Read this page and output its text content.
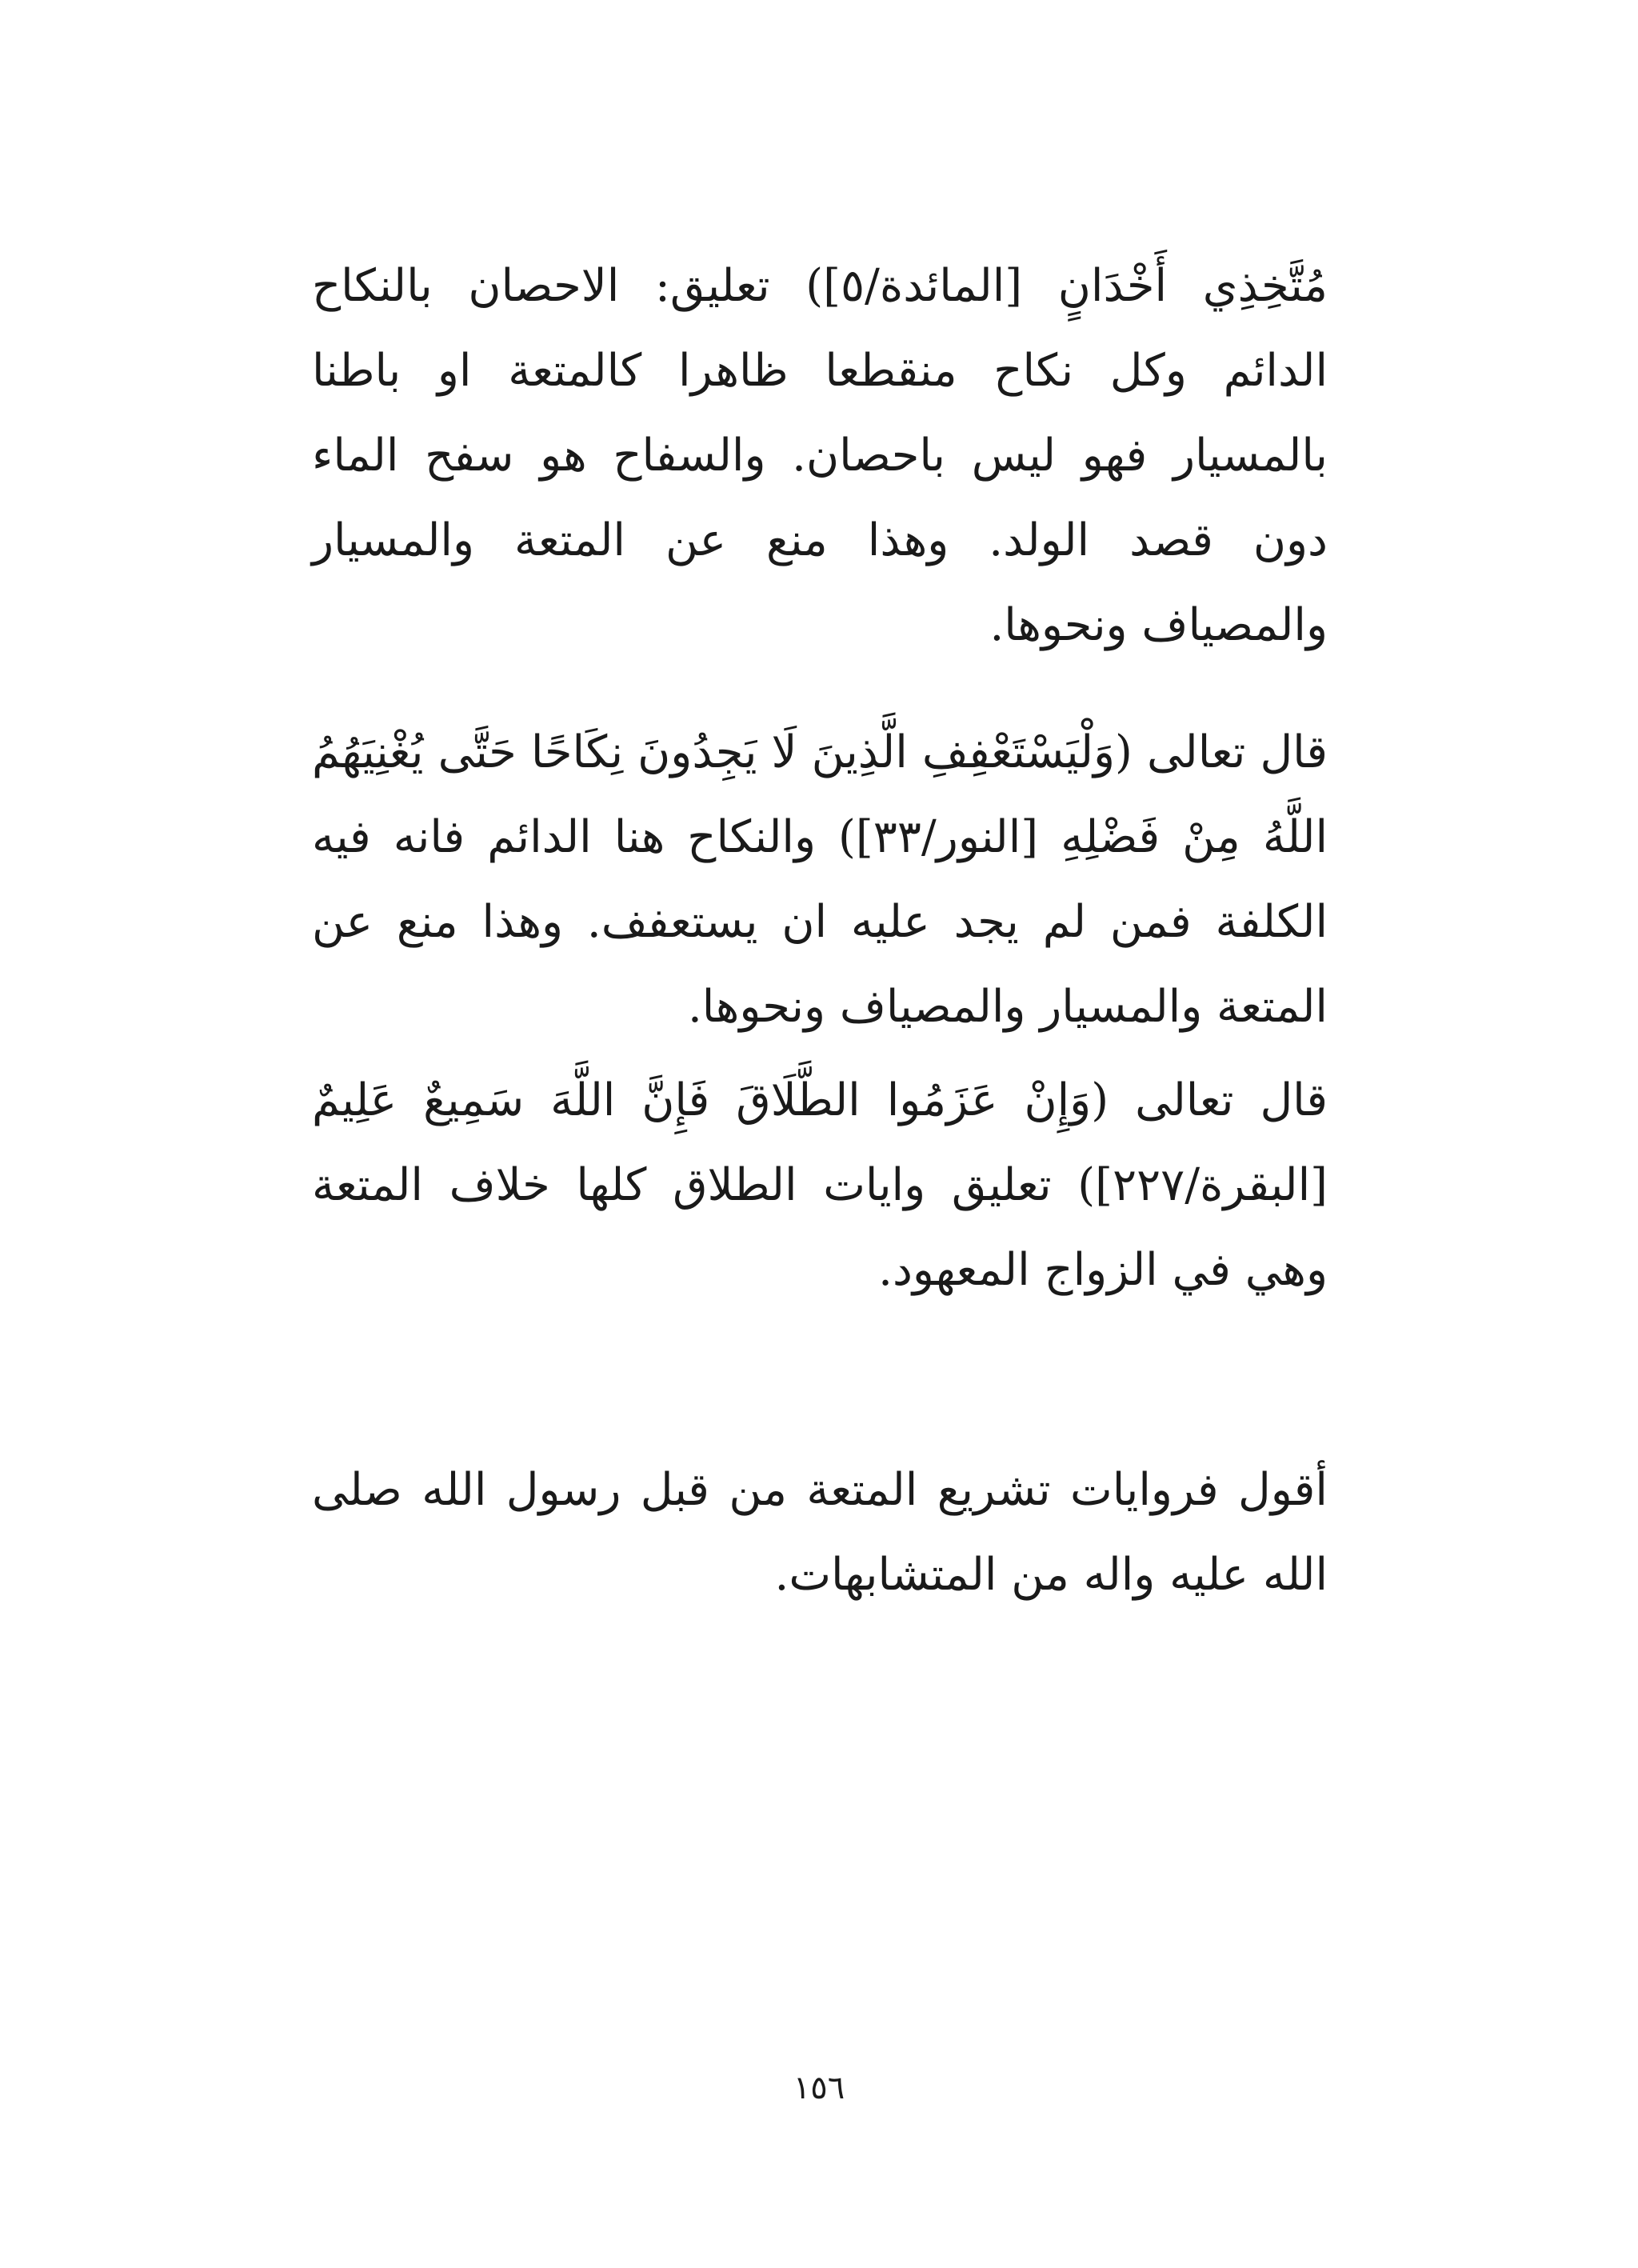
مُتَّخِذِي أَخْدَانٍ [المائدة/٥]) تعليق: الاحصان بالنكاح الدائم وكل نكاح منقطعا ظاهرا كالمتعة او باطنا بالمسيار فهو ليس باحصان. والسفاح هو سفح الماء دون قصد الولد. وهذا منع عن المتعة والمسيار والمصياف ونحوها.

قال تعالى (وَلْيَسْتَعْفِفِ الَّذِينَ لَا يَجِدُونَ نِكَاحًا حَتَّى يُغْنِيَهُمُ اللَّهُ مِنْ فَضْلِهِ [النور/٣٣]) والنكاح هنا الدائم فانه فيه الكلفة فمن لم يجد عليه ان يستعفف. وهذا منع عن المتعة والمسيار والمصياف ونحوها.

قال تعالى (وَإِنْ عَزَمُوا الطَّلَاقَ فَإِنَّ اللَّهَ سَمِيعٌ عَلِيمٌ [البقرة/٢٢٧]) تعليق وايات الطلاق كلها خلاف المتعة وهي في الزواج المعهود.

أقول فروايات تشريع المتعة من قبل رسول الله صلى الله عليه واله من المتشابهات.

١٥٦
